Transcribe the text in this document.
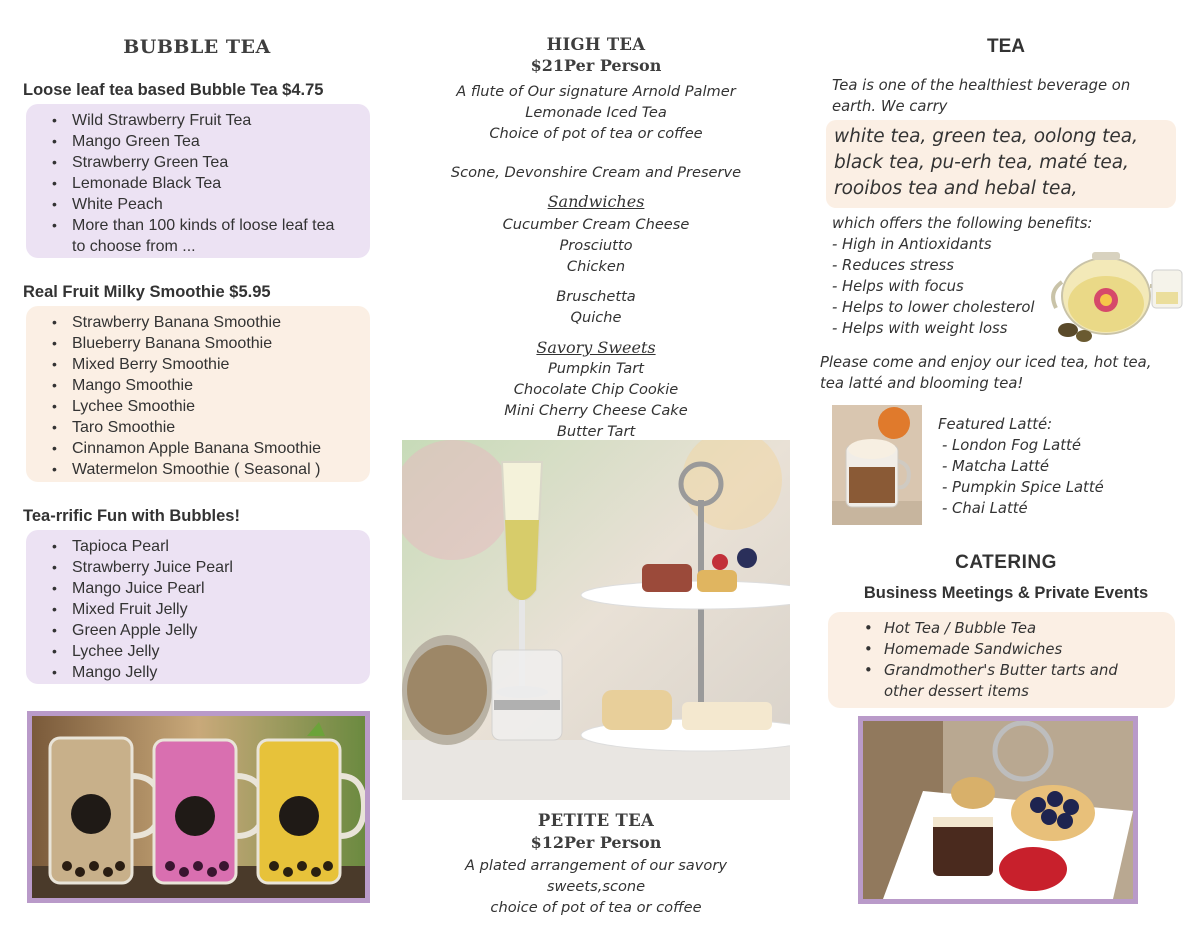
BUBBLE TEA
Loose leaf tea based Bubble Tea $4.75
• Wild Strawberry Fruit Tea
• Mango Green Tea
• Strawberry Green Tea
• Lemonade Black Tea
• White Peach
• More than 100 kinds of loose leaf tea to choose from ...
Real Fruit Milky Smoothie $5.95
• Strawberry Banana Smoothie
• Blueberry Banana Smoothie
• Mixed Berry Smoothie
• Mango Smoothie
• Lychee Smoothie
• Taro Smoothie
• Cinnamon Apple Banana Smoothie
• Watermelon Smoothie ( Seasonal )
Tea-rrific Fun with Bubbles!
• Tapioca Pearl
• Strawberry Juice Pearl
• Mango Juice Pearl
• Mixed Fruit Jelly
• Green Apple Jelly
• Lychee Jelly
• Mango Jelly
HIGH TEA
$21Per Person
A flute of Our signature Arnold Palmer
Lemonade Iced Tea
Choice of pot of tea or coffee
Scone, Devonshire Cream and Preserve
Sandwiches
Cucumber Cream Cheese
Prosciutto
Chicken
Bruschetta
Quiche
Savory Sweets
Pumpkin Tart
Chocolate Chip Cookie
Mini Cherry Cheese Cake
Butter Tart
PETITE TEA
$12Per Person
A plated arrangement of our savory
sweets,scone
choice of pot of tea or coffee
TEA
Tea is one of the healthiest beverage on
earth. We carry
white tea, green tea, oolong tea,
black tea, pu-erh tea, maté tea,
rooibos tea and hebal tea,
which offers the following benefits:
- High in Antioxidants
- Reduces stress
- Helps with focus
- Helps to lower cholesterol
- Helps with weight loss
Please come and enjoy our iced tea, hot tea,
tea latté and blooming tea!
Featured Latté:
- London Fog Latté
- Matcha Latté
- Pumpkin Spice Latté
- Chai Latté
CATERING
Business Meetings & Private Events
• Hot Tea / Bubble Tea
• Homemade Sandwiches
• Grandmother's Butter tarts and other dessert items
